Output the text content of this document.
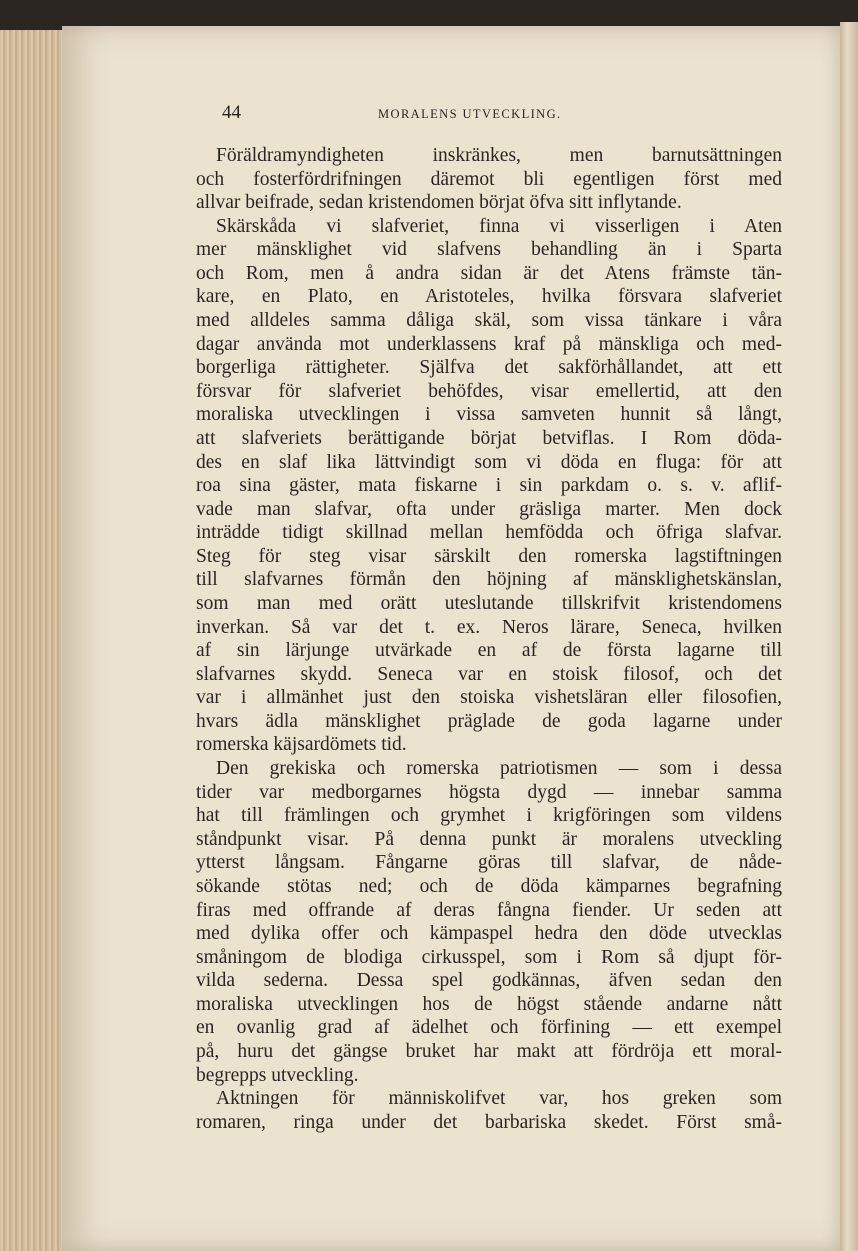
44	MORALENS UTVECKLING.
Föräldramyndigheten inskränkes, men barnutsättningen
och fosterfördrifningen däremot bli egentligen först med
allvar beifrade, sedan kristendomen börjat öfva sitt inflytande.
Skärskåda vi slafveriet, finna vi visserligen i Aten
mer mänsklighet vid slafvens behandling än i Sparta
och Rom, men å andra sidan är det Atens främste tän-
kare, en Plato, en Aristoteles, hvilka försvara slafveriet
med alldeles samma dåliga skäl, som vissa tänkare i våra
dagar använda mot underklassens kraf på mänskliga och med-
borgerliga rättigheter. Själfva det sakförhållandet, att ett
försvar för slafveriet behöfdes, visar emellertid, att den
moraliska utvecklingen i vissa samveten hunnit så långt,
att slafveriets berättigande börjat betviflas. I Rom döda-
des en slaf lika lättvindigt som vi döda en fluga: för att
roa sina gäster, mata fiskarne i sin parkdam o. s. v. aflif-
vade man slafvar, ofta under gräsliga marter. Men dock
inträdde tidigt skillnad mellan hemfödda och öfriga slafvar.
Steg för steg visar särskilt den romerska lagstiftningen
till slafvarnes förmån den höjning af mänsklighetskänslan,
som man med orätt uteslutande tillskrifvit kristendomens
inverkan. Så var det t. ex. Neros lärare, Seneca, hvilken
af sin lärjunge utvärkade en af de första lagarne till
slafvarnes skydd. Seneca var en stoisk filosof, och det
var i allmänhet just den stoiska vishetsläran eller filosofien,
hvars ädla mänsklighet präglade de goda lagarne under
romerska käjsardömets tid.
Den grekiska och romerska patriotismen — som i dessa
tider var medborgarnes högsta dygd — innebar samma
hat till främlingen och grymhet i krigföringen som vildens
ståndpunkt visar. På denna punkt är moralens utveckling
ytterst långsam. Fångarne göras till slafvar, de nåde-
sökande stötas ned; och de döda kämparnes begrafning
firas med offrande af deras fångna fiender. Ur seden att
med dylika offer och kämpaspel hedra den döde utvecklas
småningom de blodiga cirkusspel, som i Rom så djupt för-
vilda sederna. Dessa spel godkännas, äfven sedan den
moraliska utvecklingen hos de högst stående andarne nått
en ovanlig grad af ädelhet och förfining — ett exempel
på, huru det gängse bruket har makt att fördröja ett moral-
begrepps utveckling.
Aktningen för människolifvet var, hos greken som
romaren, ringa under det barbariska skedet. Först små-
